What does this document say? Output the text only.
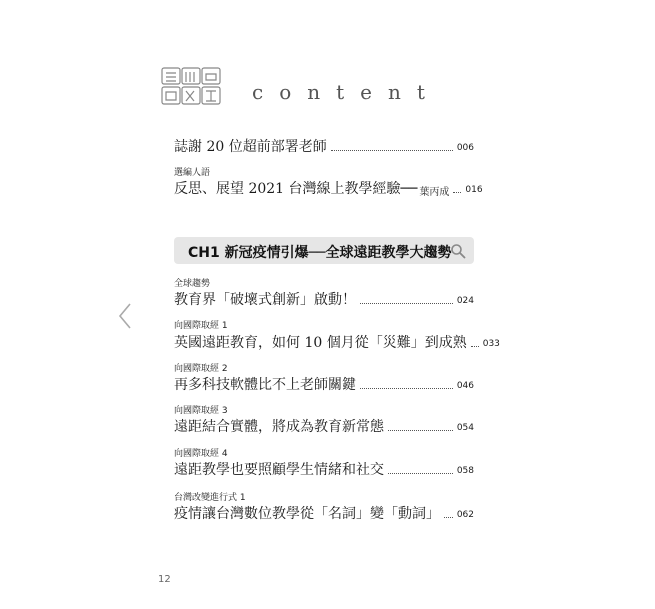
content
誌謝 20 位超前部署老師	006
選編人語
反思、展望 2021 台灣線上教學經驗── 葉丙成 016
CH1 新冠疫情引爆──全球遠距教學大趨勢
全球趨勢
教育界「破壞式創新」啟動！	024
向國際取經 1
英國遠距教育，如何 10 個月從「災難」到成熟 033
向國際取經 2
再多科技軟體比不上老師關鍵	046
向國際取經 3
遠距結合實體，將成為教育新常態	054
向國際取經 4
遠距教學也要照顧學生情緒和社交	058
台灣改變進行式 1
疫情讓台灣數位教學從「名詞」變「動詞」 062
12
